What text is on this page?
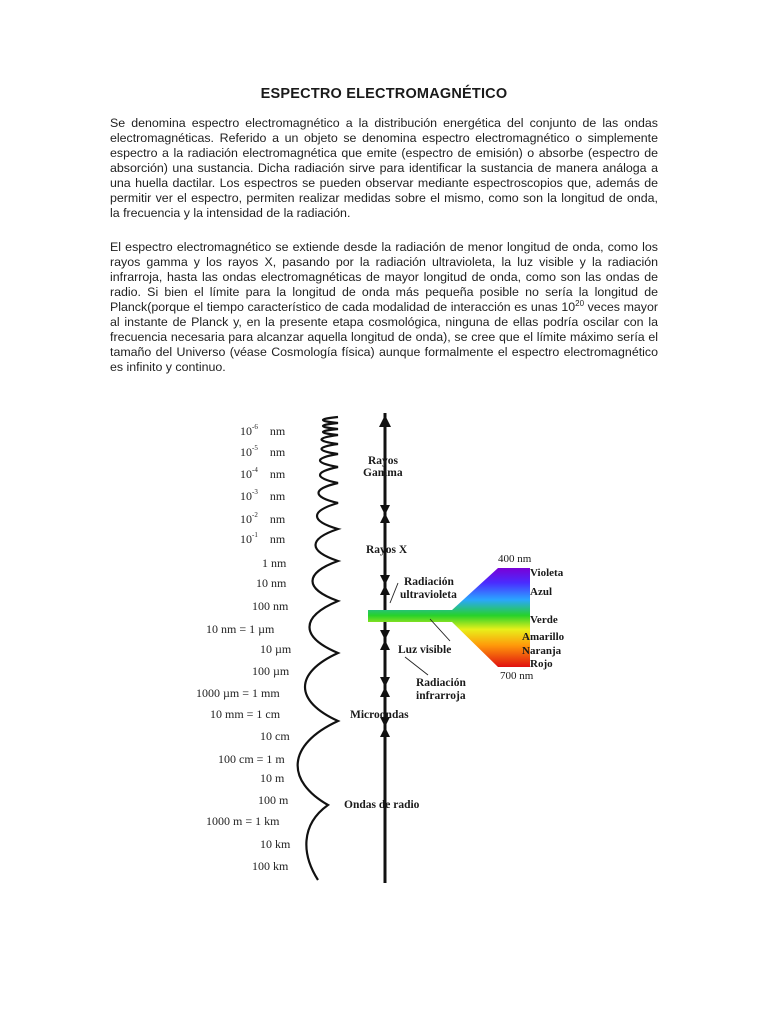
ESPECTRO ELECTROMAGNÉTICO

Se denomina espectro electromagnético a la distribución energética del conjunto de las ondas electromagnéticas. Referido a un objeto se denomina espectro electromagnético o simplemente espectro a la radiación electromagnética que emite (espectro de emisión) o absorbe (espectro de absorción) una sustancia. Dicha radiación sirve para identificar la sustancia de manera análoga a una huella dactilar. Los espectros se pueden observar mediante espectroscopios que, además de permitir ver el espectro, permiten realizar medidas sobre el mismo, como son la longitud de onda, la frecuencia y la intensidad de la radiación.

El espectro electromagnético se extiende desde la radiación de menor longitud de onda, como los rayos gamma y los rayos X, pasando por la radiación ultravioleta, la luz visible y la radiación infrarroja, hasta las ondas electromagnéticas de mayor longitud de onda, como son las ondas de radio. Si bien el límite para la longitud de onda más pequeña posible no sería la longitud de Planck(porque el tiempo característico de cada modalidad de interacción es unas $10^{20}$ veces mayor al instante de Planck y, en la presente etapa cosmológica, ninguna de ellas podría oscilar con la frecuencia necesaria para alcanzar aquella longitud de onda), se cree que el límite máximo sería el tamaño del Universo (véase Cosmología física) aunque formalmente el espectro electromagnético es infinito y continuo.

$10^{-6}$ nm
$10^{-5}$ nm
$10^{-4}$ nm
$10^{-3}$ nm
$10^{-2}$ nm
$10^{-1}$ nm
1 nm
10 nm
100 nm
10 nm = 1 µm
10 µm
100 µm
1000 µm = 1 mm
10 mm = 1 cm
10 cm
100 cm = 1 m
10 m
100 m
1000 m = 1 km
10 km
100 km
Rayos
Gamma
Rayos X
Radiación
ultravioleta
Luz visible
Radiación
infrarroja
Microondas
Ondas de radio
400 nm
Violeta
Azul
Verde
Amarillo
Naranja
Rojo
700 nm
